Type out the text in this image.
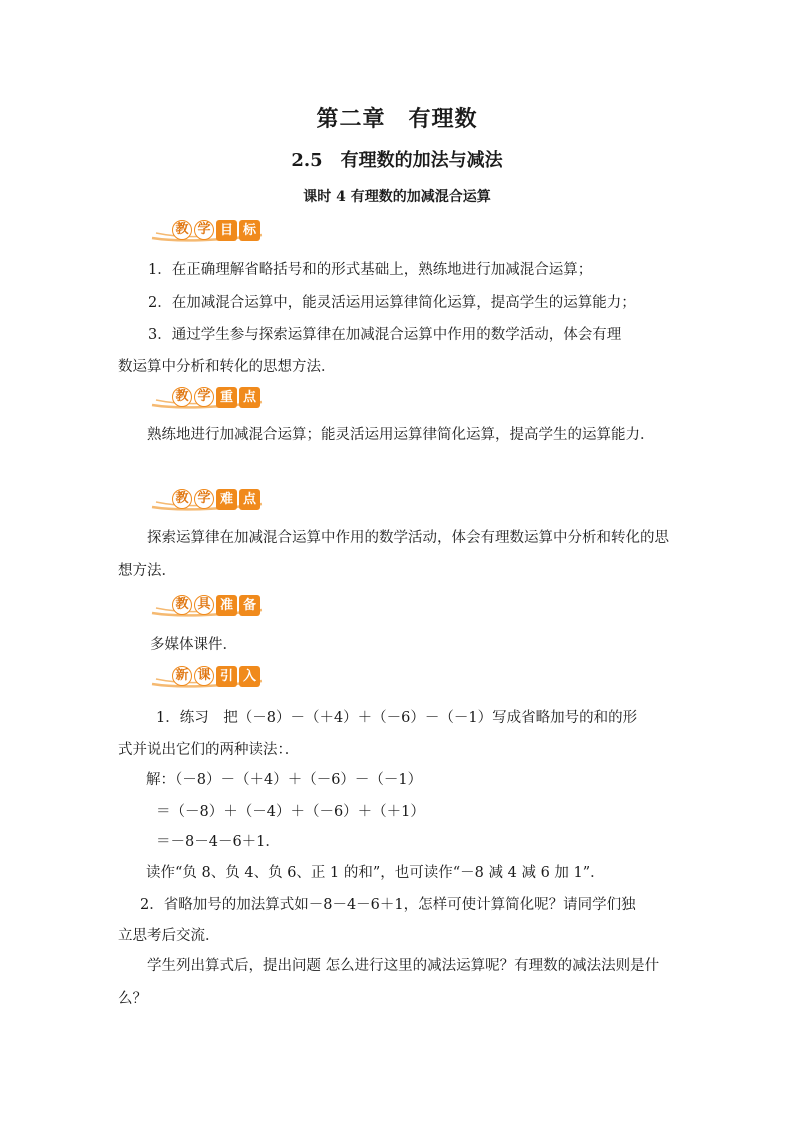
第二章　有理数
2.5　有理数的加法与减法
课时 4 有理数的加减混合运算
教 学 目 标
1．在正确理解省略括号和的形式基础上，熟练地进行加减混合运算；
2．在加减混合运算中，能灵活运用运算律简化运算，提高学生的运算能力；
3．通过学生参与探索运算律在加减混合运算中作用的数学活动，体会有理
数运算中分析和转化的思想方法．
教 学 重 点
熟练地进行加减混合运算；能灵活运用运算律简化运算，提高学生的运算能力．
教 学 难 点
探索运算律在加减混合运算中作用的数学活动，体会有理数运算中分析和转化的思想方法．
教 具 准 备
多媒体课件．
新 课 引 入
1．练习　把（－8）－（＋4）＋（－6）－（－1）写成省略加号的和的形
式并说出它们的两种读法：．
解：（－8）－（＋4）＋（－6）－（－1）
＝（－8）＋（－4）＋（－6）＋（＋1）
＝－8－4－6＋1．
读作“负 8、负 4、负 6、正 1 的和”，也可读作“－8 减 4 减 6 加 1”．
2．省略加号的加法算式如－8－4－6＋1，怎样可使计算简化呢？请同学们独
立思考后交流．
学生列出算式后，提出问题 怎么进行这里的减法运算呢？有理数的减法法则是什么？
